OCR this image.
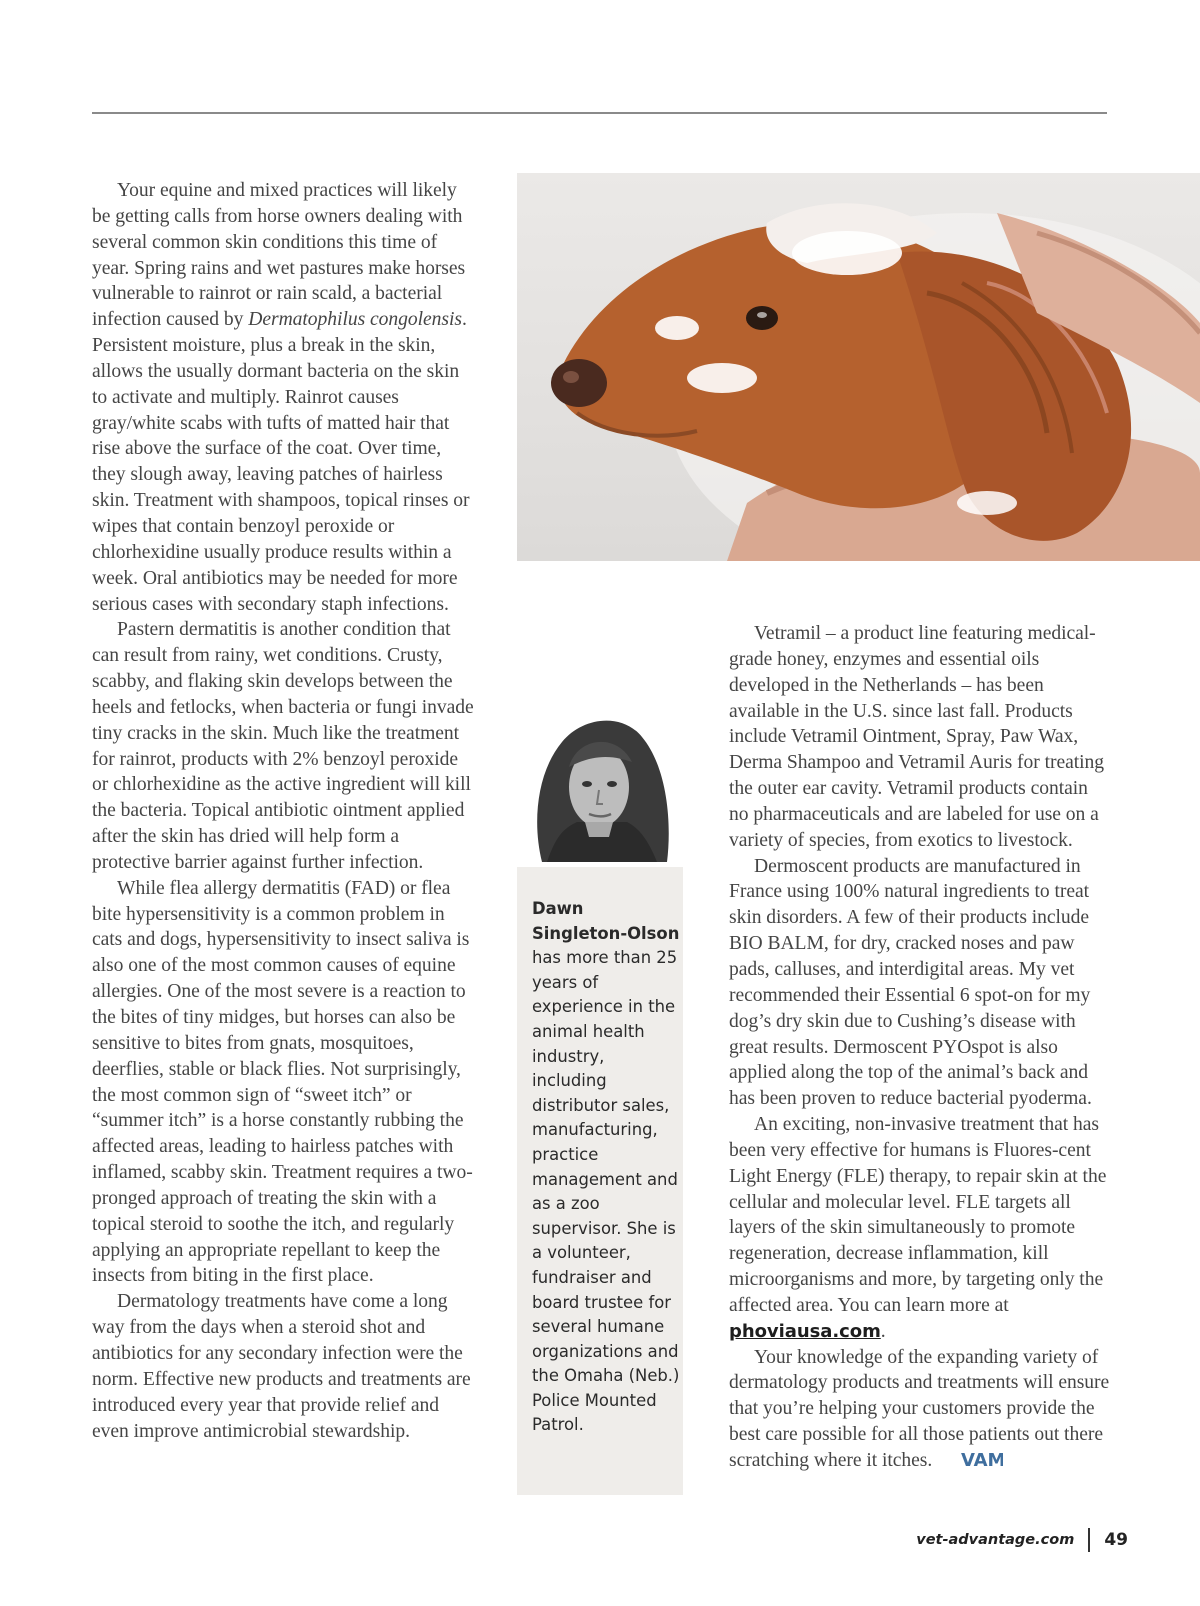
Your equine and mixed practices will likely be getting calls from horse owners dealing with several common skin conditions this time of year. Spring rains and wet pastures make horses vulnerable to rainrot or rain scald, a bacterial infection caused by Dermatophilus congolensis. Persistent moisture, plus a break in the skin, allows the usually dormant bacteria on the skin to activate and multiply. Rainrot causes gray/white scabs with tufts of matted hair that rise above the surface of the coat. Over time, they slough away, leaving patches of hairless skin. Treatment with shampoos, topical rinses or wipes that contain benzoyl peroxide or chlorhexidine usually produce results within a week. Oral antibiotics may be needed for more serious cases with secondary staph infections.

Pastern dermatitis is another condition that can result from rainy, wet conditions. Crusty, scabby, and flaking skin develops between the heels and fetlocks, when bacteria or fungi invade tiny cracks in the skin. Much like the treatment for rainrot, products with 2% benzoyl peroxide or chlorhexidine as the active ingredient will kill the bacteria. Topical antibiotic ointment applied after the skin has dried will help form a protective barrier against further infection.

While flea allergy dermatitis (FAD) or flea bite hypersensitivity is a common problem in cats and dogs, hypersensitivity to insect saliva is also one of the most common causes of equine allergies. One of the most severe is a reaction to the bites of tiny midges, but horses can also be sensitive to bites from gnats, mosquitoes, deerflies, stable or black flies. Not surprisingly, the most common sign of “sweet itch” or “summer itch” is a horse constantly rubbing the affected areas, leading to hairless patches with inflamed, scabby skin. Treatment requires a two-pronged approach of treating the skin with a topical steroid to soothe the itch, and regularly applying an appropriate repellant to keep the insects from biting in the first place.

Dermatology treatments have come a long way from the days when a steroid shot and antibiotics for any secondary infection were the norm. Effective new products and treatments are introduced every year that provide relief and even improve antimicrobial stewardship.

Dawn Singleton-Olson
has more than 25 years of experience in the animal health industry, including distributor sales, manufacturing, practice management and as a zoo supervisor. She is a volunteer, fundraiser and board trustee for several humane organizations and the Omaha (Neb.) Police Mounted Patrol.

Vetramil – a product line featuring medical-grade honey, enzymes and essential oils developed in the Netherlands – has been available in the U.S. since last fall. Products include Vetramil Ointment, Spray, Paw Wax, Derma Shampoo and Vetramil Auris for treating the outer ear cavity. Vetramil products contain no pharmaceuticals and are labeled for use on a variety of species, from exotics to livestock.

Dermoscent products are manufactured in France using 100% natural ingredients to treat skin disorders. A few of their products include BIO BALM, for dry, cracked noses and paw pads, calluses, and interdigital areas. My vet recommended their Essential 6 spot-on for my dog’s dry skin due to Cushing’s disease with great results. Dermoscent PYOspot is also applied along the top of the animal’s back and has been proven to reduce bacterial pyoderma.

An exciting, non-invasive treatment that has been very effective for humans is Fluores-cent Light Energy (FLE) therapy, to repair skin at the cellular and molecular level. FLE targets all layers of the skin simultaneously to promote regeneration, decrease inflammation, kill microorganisms and more, by targeting only the affected area. You can learn more at phoviausa.com.

Your knowledge of the expanding variety of dermatology products and treatments will ensure that you’re helping your customers provide the best care possible for all those patients out there scratching where it itches. VAM

vet-advantage.com 49
